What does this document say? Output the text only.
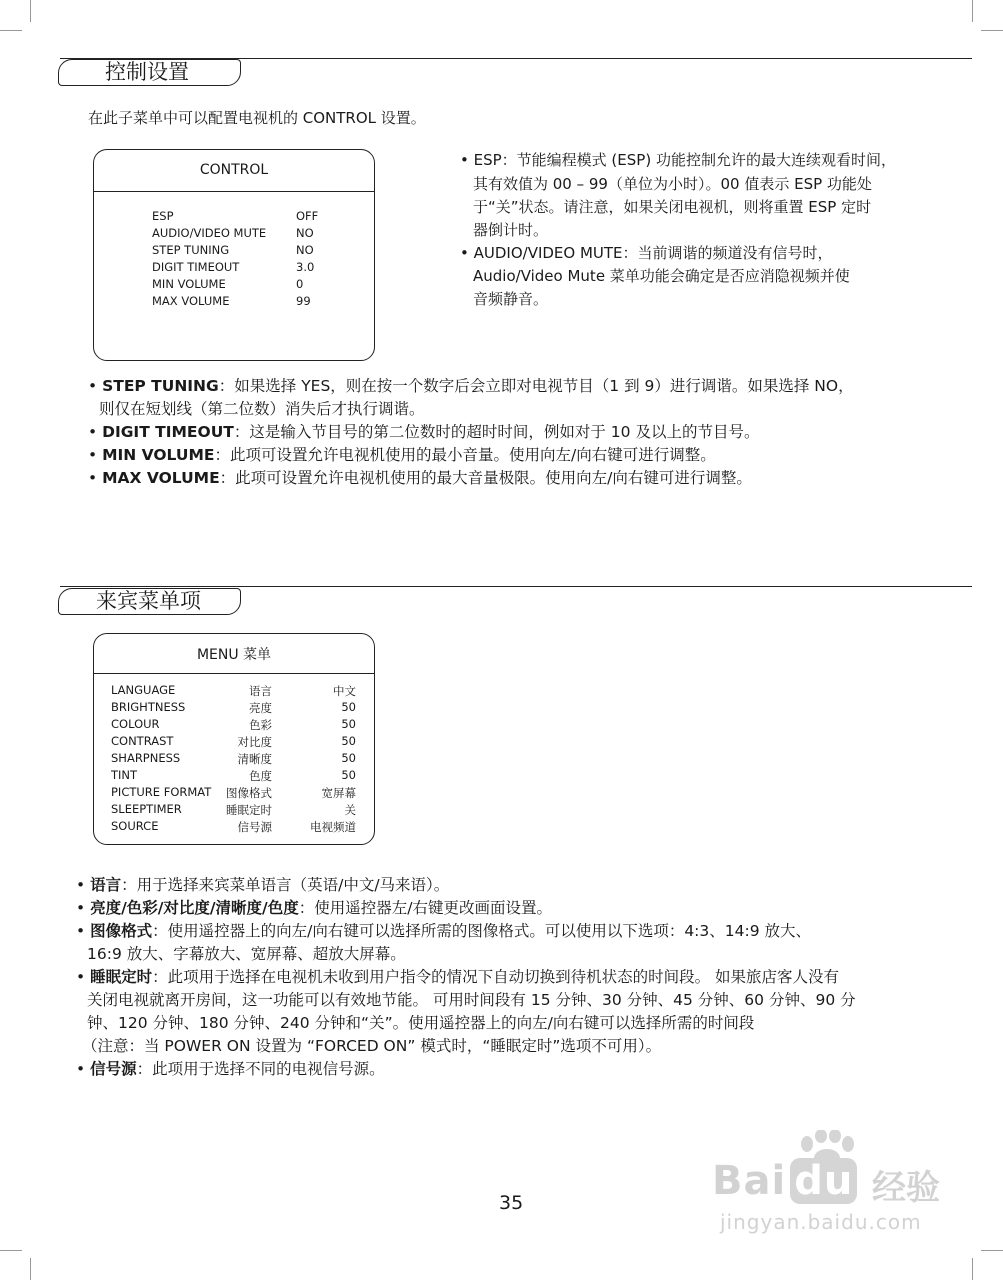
控制设置
在此子菜单中可以配置电视机的 CONTROL 设置。
CONTROL
ESP	OFF
AUDIO/VIDEO MUTE	NO
STEP TUNING	NO
DIGIT TIMEOUT	3.0
MIN VOLUME	0
MAX VOLUME	99
• ESP：节能编程模式 (ESP) 功能控制允许的最大连续观看时间，
其有效值为 00 – 99（单位为小时）。00 值表示 ESP 功能处
于“关”状态。请注意，如果关闭电视机，则将重置 ESP 定时
器倒计时。
• AUDIO/VIDEO MUTE：当前调谐的频道没有信号时，
Audio/Video Mute 菜单功能会确定是否应消隐视频并使
音频静音。
• STEP TUNING：如果选择 YES，则在按一个数字后会立即对电视节目（1 到 9）进行调谐。如果选择 NO，
则仅在短划线（第二位数）消失后才执行调谐。
• DIGIT TIMEOUT：这是输入节目号的第二位数时的超时时间，例如对于 10 及以上的节目号。
• MIN VOLUME：此项可设置允许电视机使用的最小音量。使用向左/向右键可进行调整。
• MAX VOLUME：此项可设置允许电视机使用的最大音量极限。使用向左/向右键可进行调整。
来宾菜单项
MENU 菜单
LANGUAGE	语言	中文
BRIGHTNESS	亮度	50
COLOUR	色彩	50
CONTRAST	对比度	50
SHARPNESS	清晰度	50
TINT	色度	50
PICTURE FORMAT 图像格式	宽屏幕
SLEEPTIMER	睡眠定时	关
SOURCE	信号源	电视频道
• 语言：用于选择来宾菜单语言（英语/中文/马来语）。
• 亮度/色彩/对比度/清晰度/色度：使用遥控器左/右键更改画面设置。
• 图像格式：使用遥控器上的向左/向右键可以选择所需的图像格式。可以使用以下选项：4:3、14:9 放大、
16:9 放大、字幕放大、宽屏幕、超放大屏幕。
• 睡眠定时：此项用于选择在电视机未收到用户指令的情况下自动切换到待机状态的时间段。 如果旅店客人没有
关闭电视就离开房间，这一功能可以有效地节能。 可用时间段有 15 分钟、30 分钟、45 分钟、60 分钟、90 分
钟、120 分钟、180 分钟、240 分钟和“关”。使用遥控器上的向左/向右键可以选择所需的时间段
（注意：当 POWER ON 设置为 “FORCED ON” 模式时，“睡眠定时”选项不可用）。
• 信号源：此项用于选择不同的电视信号源。
35	Bai du 经验
jingyan.baidu.com
